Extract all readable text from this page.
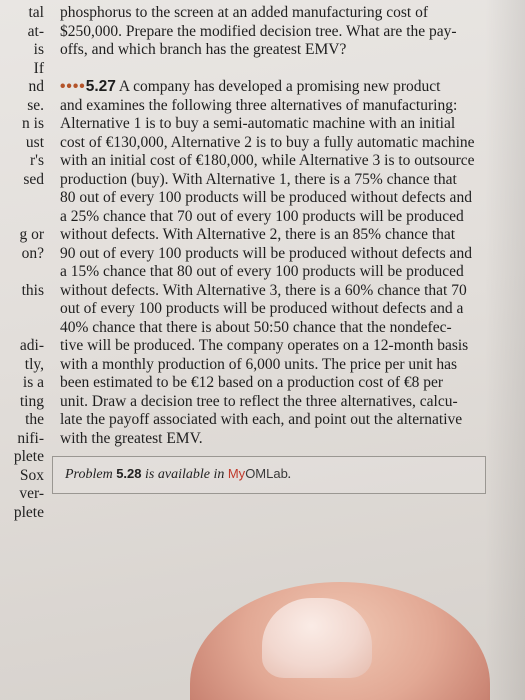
tal
at-
is
If
nd
se.
n is
ust
r's
sed
g or
on?
this
adi-
tly,
is a
ting
the
nifi-
plete
Sox
ver-
plete
phosphorus to the screen at an added manufacturing cost of
$250,000. Prepare the modified decision tree. What are the pay-
offs, and which branch has the greatest EMV?
••••5.27 A company has developed a promising new product
and examines the following three alternatives of manufacturing:
Alternative 1 is to buy a semi-automatic machine with an initial
cost of €130,000, Alternative 2 is to buy a fully automatic machine
with an initial cost of €180,000, while Alternative 3 is to outsource
production (buy). With Alternative 1, there is a 75% chance that
80 out of every 100 products will be produced without defects and
a 25% chance that 70 out of every 100 products will be produced
without defects. With Alternative 2, there is an 85% chance that
90 out of every 100 products will be produced without defects and
a 15% chance that 80 out of every 100 products will be produced
without defects. With Alternative 3, there is a 60% chance that 70
out of every 100 products will be produced without defects and a
40% chance that there is about 50:50 chance that the nondefec-
tive will be produced. The company operates on a 12-month basis
with a monthly production of 6,000 units. The price per unit has
been estimated to be €12 based on a production cost of €8 per
unit. Draw a decision tree to reflect the three alternatives, calcu-
late the payoff associated with each, and point out the alternative
with the greatest EMV.
Problem 5.28 is available in MyOMLab.
